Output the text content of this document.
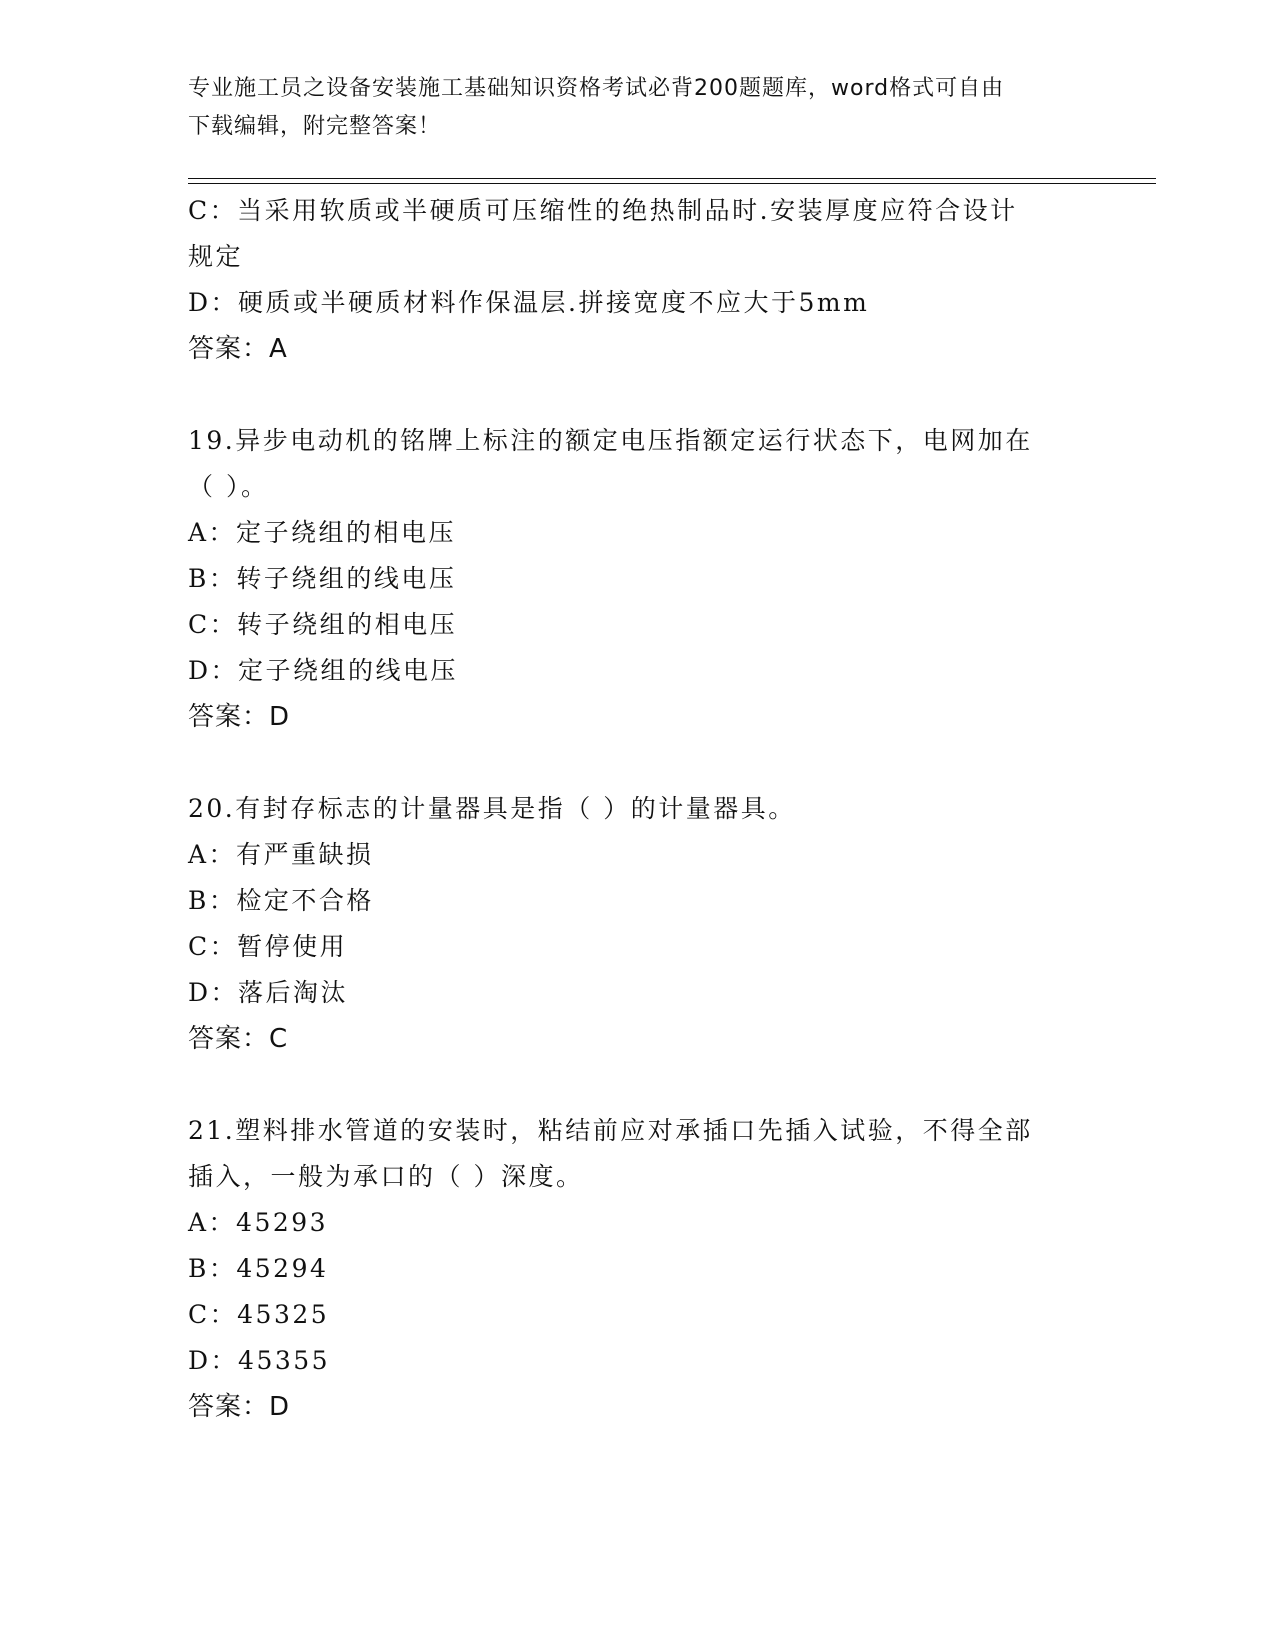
专业施工员之设备安装施工基础知识资格考试必背200题题库，word格式可自由
下载编辑，附完整答案！
C：当采用软质或半硬质可压缩性的绝热制品时.安装厚度应符合设计
规定
D：硬质或半硬质材料作保温层.拼接宽度不应大于5mm
答案：A
19.异步电动机的铭牌上标注的额定电压指额定运行状态下，电网加在
（ ）。
A：定子绕组的相电压
B：转子绕组的线电压
C：转子绕组的相电压
D：定子绕组的线电压
答案：D
20.有封存标志的计量器具是指（ ）的计量器具。
A：有严重缺损
B：检定不合格
C：暂停使用
D：落后淘汰
答案：C
21.塑料排水管道的安装时，粘结前应对承插口先插入试验，不得全部
插入，一般为承口的（ ）深度。
A：45293
B：45294
C：45325
D：45355
答案：D
